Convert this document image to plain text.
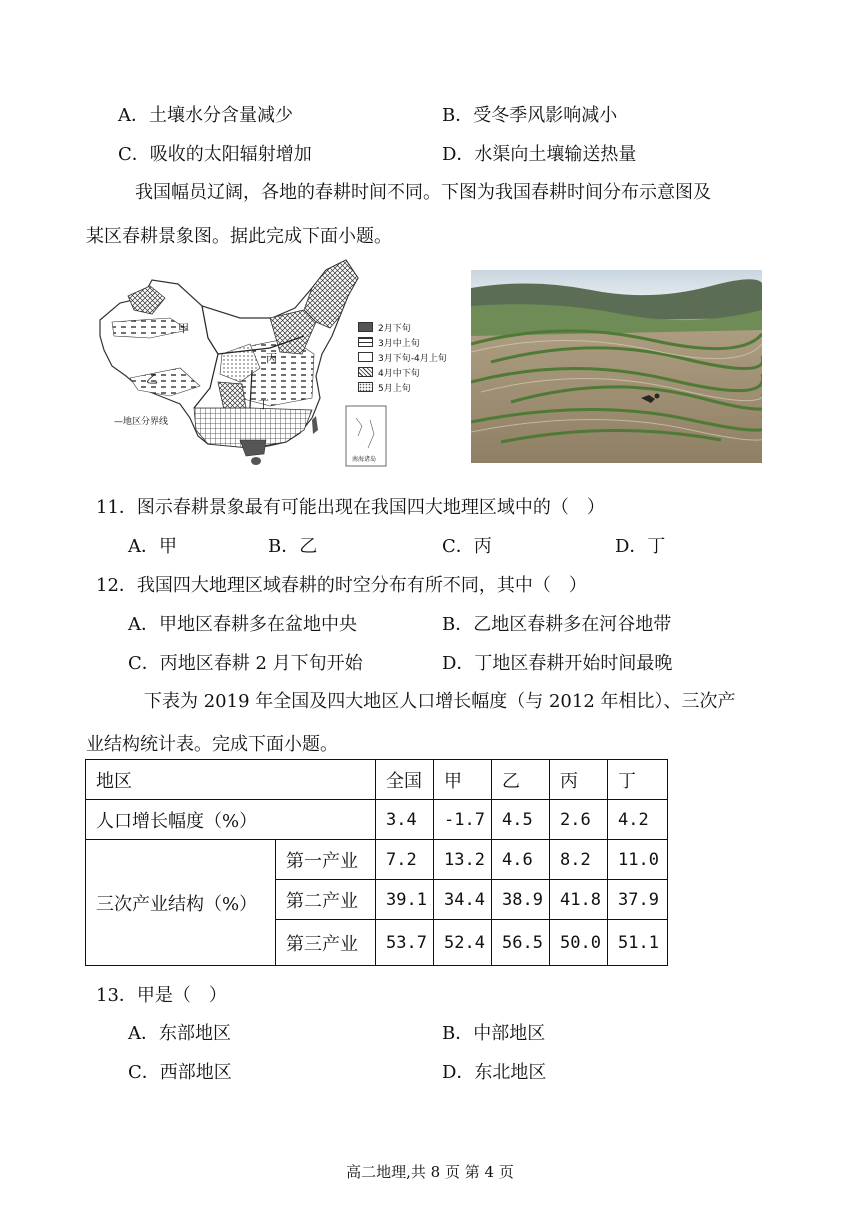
A．土壤水分含量减少	B．受冬季风影响减小
C．吸收的太阳辐射增加	D．水渠向土壤输送热量
我国幅员辽阔，各地的春耕时间不同。下图为我国春耕时间分布示意图及
某区春耕景象图。据此完成下面小题。
甲
乙
丙
丁
—地区分界线
南海诸岛
2月下旬
3月中上旬
3月下旬-4月上旬
4月中下旬
5月上旬
11．图示春耕景象最有可能出现在我国四大地理区域中的（　）
A．甲	B．乙	C．丙	D．丁
12．我国四大地理区域春耕的时空分布有所不同，其中（　）
A．甲地区春耕多在盆地中央	B．乙地区春耕多在河谷地带
C．丙地区春耕 2 月下旬开始	D．丁地区春耕开始时间最晚
下表为 2019 年全国及四大地区人口增长幅度（与 2012 年相比）、三次产
业结构统计表。完成下面小题。
地区		全国	甲	乙	丙	丁
人口增长幅度（%）		3.4	-1.7	4.5	2.6	4.2
三次产业结构（%）	第一产业	7.2	13.2	4.6	8.2	11.0
	第二产业	39.1	34.4	38.9	41.8	37.9
	第三产业	53.7	52.4	56.5	50.0	51.1
13．甲是（　）
A．东部地区	B．中部地区
C．西部地区	D．东北地区
高二地理,共 8 页 第 4 页
